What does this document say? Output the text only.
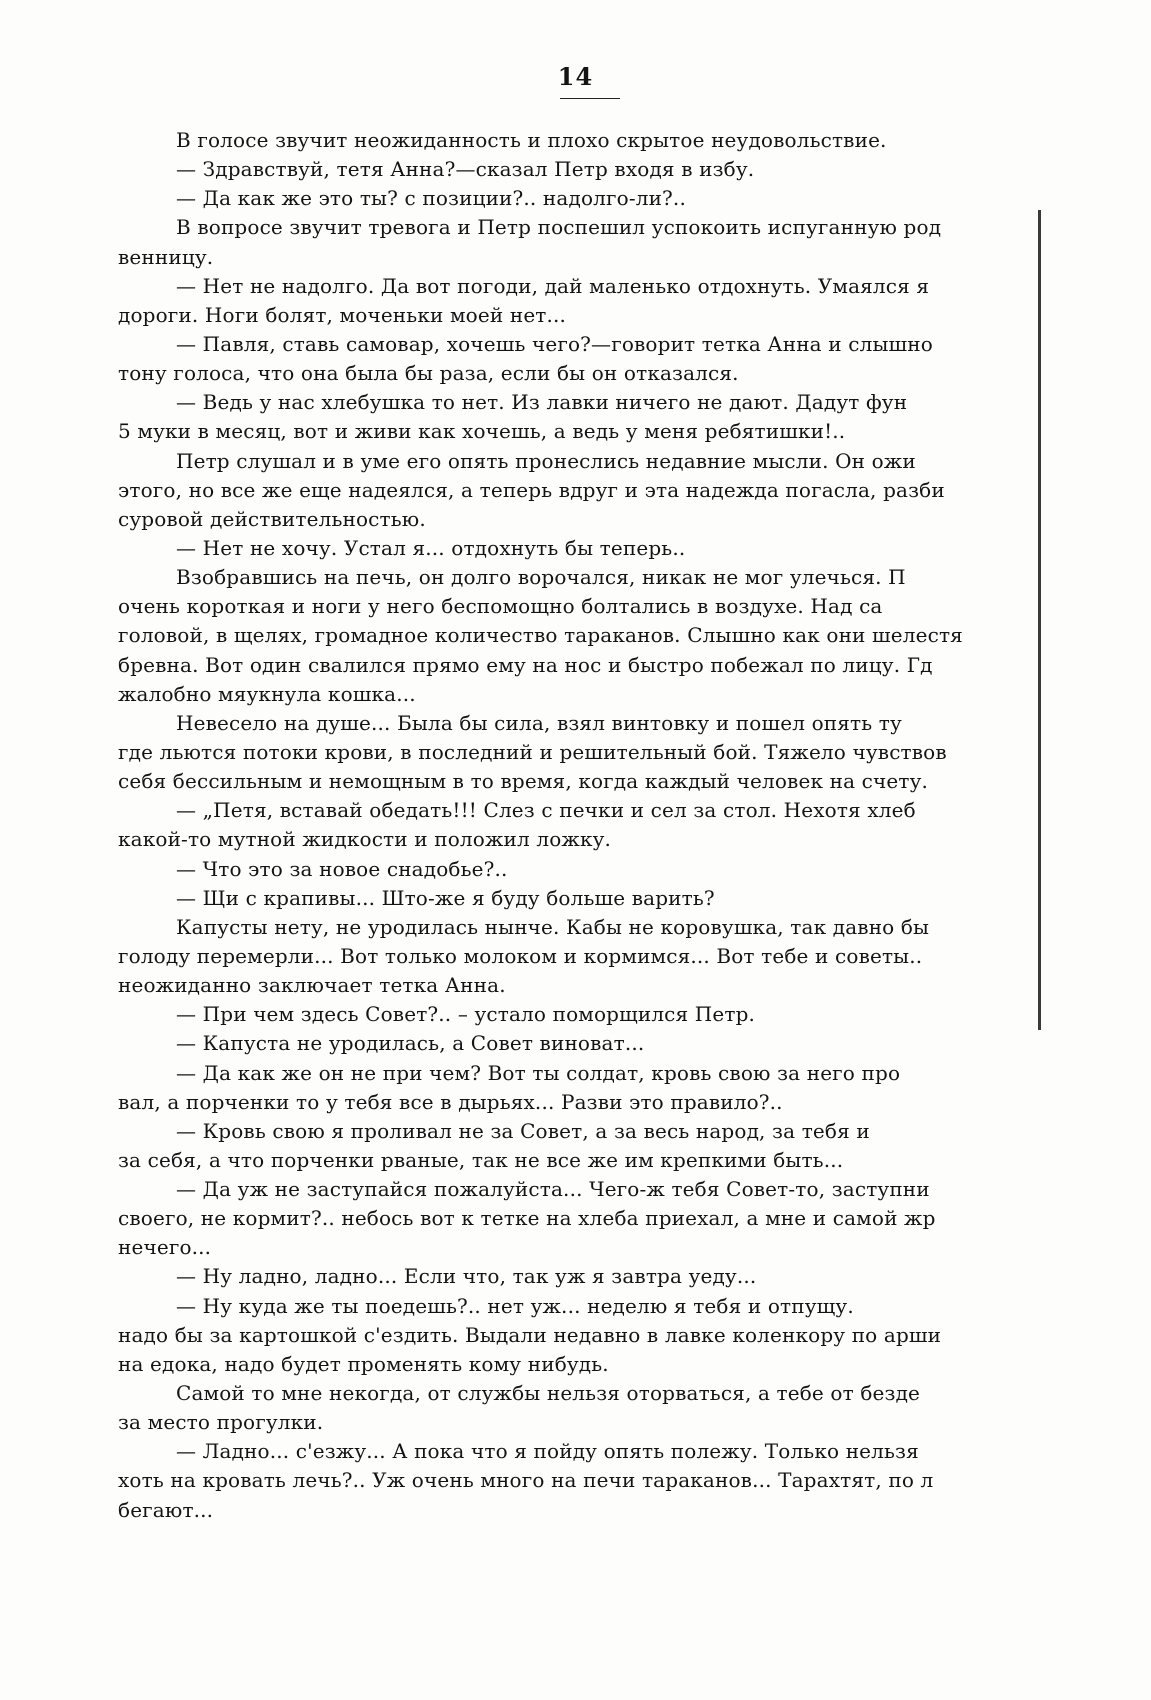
14
В голосе звучит неожиданность и плохо скрытое неудовольствие.
— Здравствуй, тетя Анна?—сказал Петр входя в избу.
— Да как же это ты? с позиции?.. надолго-ли?..
В вопросе звучит тревога и Петр поспешил успокоить испуганную род
венницу.
— Нет не надолго. Да вот погоди, дай маленько отдохнуть. Умаялся я
дороги. Ноги болят, моченьки моей нет...
— Павля, ставь самовар, хочешь чего?—говорит тетка Анна и слышно
тону голоса, что она была бы раза, если бы он отказался.
— Ведь у нас хлебушка то нет. Из лавки ничего не дают. Дадут фун
5 муки в месяц, вот и живи как хочешь, а ведь у меня ребятишки!..
Петр слушал и в уме его опять пронеслись недавние мысли. Он ожи
этого, но все же еще надеялся, а теперь вдруг и эта надежда погасла, разби
суровой действительностью.
— Нет не хочу. Устал я... отдохнуть бы теперь..
Взобравшись на печь, он долго ворочался, никак не мог улечься. П
очень короткая и ноги у него беспомощно болтались в воздухе. Над са
головой, в щелях, громадное количество тараканов. Слышно как они шелестя
бревна. Вот один свалился прямо ему на нос и быстро побежал по лицу. Гд
жалобно мяукнула кошка...
Невесело на душе... Была бы сила, взял винтовку и пошел опять ту
где льются потоки крови, в последний и решительный бой. Тяжело чувствов
себя бессильным и немощным в то время, когда каждый человек на счету.
— „Петя, вставай обедать!!! Слез с печки и сел за стол. Нехотя хлеб
какой-то мутной жидкости и положил ложку.
— Что это за новое снадобье?..
— Щи с крапивы... Што-же я буду больше варить?
Капусты нету, не уродилась нынче. Кабы не коровушка, так давно бы
голоду перемерли... Вот только молоком и кормимся... Вот тебе и советы..
неожиданно заключает тетка Анна.
— При чем здесь Совет?.. – устало поморщился Петр.
— Капуста не уродилась, а Совет виноват...
— Да как же он не при чем? Вот ты солдат, кровь свою за него про
вал, а порченки то у тебя все в дырьях... Разви это правило?..
— Кровь свою я проливал не за Совет, а за весь народ, за тебя и
за себя, а что порченки рваные, так не все же им крепкими быть...
— Да уж не заступайся пожалуйста... Чего-ж тебя Совет-то, заступни
своего, не кормит?.. небось вот к тетке на хлеба приехал, а мне и самой жр
нечего...
— Ну ладно, ладно... Если что, так уж я завтра уеду...
— Ну куда же ты поедешь?.. нет уж... неделю я тебя и отпущу.
надо бы за картошкой с'ездить. Выдали недавно в лавке коленкору по арши
на едока, надо будет променять кому нибудь.
Самой то мне некогда, от службы нельзя оторваться, а тебе от безде
за место прогулки.
— Ладно... с'езжу... А пока что я пойду опять полежу. Только нельзя
хоть на кровать лечь?.. Уж очень много на печи тараканов... Тарахтят, по л
бегают...
